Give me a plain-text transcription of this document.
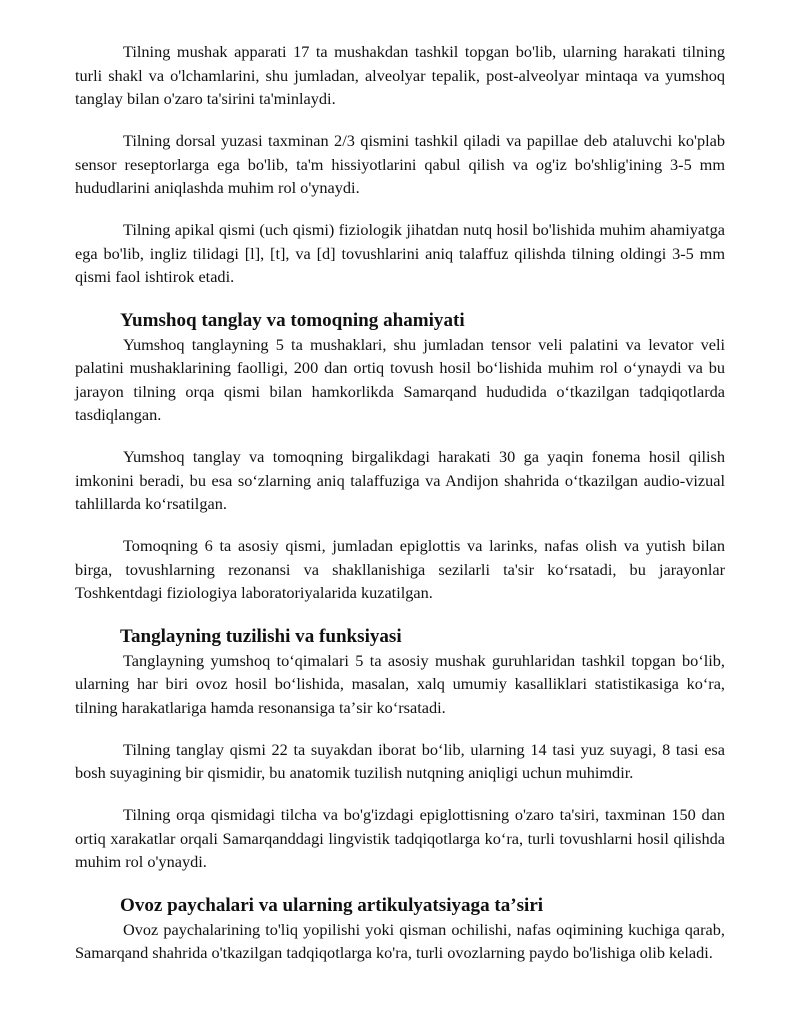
Tilning mushak apparati 17 ta mushakdan tashkil topgan bo'lib, ularning harakati tilning turli shakl va o'lchamlarini, shu jumladan, alveolyar tepalik, post-alveolyar mintaqa va yumshoq tanglay bilan o'zaro ta'sirini ta'minlaydi.

Tilning dorsal yuzasi taxminan 2/3 qismini tashkil qiladi va papillae deb ataluvchi ko'plab sensor reseptorlarga ega bo'lib, ta'm hissiyotlarini qabul qilish va og'iz bo'shlig'ining 3-5 mm hududlarini aniqlashda muhim rol o'ynaydi.

Tilning apikal qismi (uch qismi) fiziologik jihatdan nutq hosil bo'lishida muhim ahamiyatga ega bo'lib, ingliz tilidagi [l], [t], va [d] tovushlarini aniq talaffuz qilishda tilning oldingi 3-5 mm qismi faol ishtirok etadi.

Yumshoq tanglay va tomoqning ahamiyati

Yumshoq tanglayning 5 ta mushaklari, shu jumladan tensor veli palatini va levator veli palatini mushaklarining faolligi, 200 dan ortiq tovush hosil boʻlishida muhim rol oʻynaydi va bu jarayon tilning orqa qismi bilan hamkorlikda Samarqand hududida oʻtkazilgan tadqiqotlarda tasdiqlangan.

Yumshoq tanglay va tomoqning birgalikdagi harakati 30 ga yaqin fonema hosil qilish imkonini beradi, bu esa soʻzlarning aniq talaffuziga va Andijon shahrida oʻtkazilgan audio-vizual tahlillarda koʻrsatilgan.

Tomoqning 6 ta asosiy qismi, jumladan epiglottis va larinks, nafas olish va yutish bilan birga, tovushlarning rezonansi va shakllanishiga sezilarli ta'sir koʻrsatadi, bu jarayonlar Toshkentdagi fiziologiya laboratoriyalarida kuzatilgan.

Tanglayning tuzilishi va funksiyasi

Tanglayning yumshoq toʻqimalari 5 ta asosiy mushak guruhlaridan tashkil topgan boʻlib, ularning har biri ovoz hosil boʻlishida, masalan, xalq umumiy kasalliklari statistikasiga koʻra, tilning harakatlariga hamda resonansiga taʼsir koʻrsatadi.

Tilning tanglay qismi 22 ta suyakdan iborat boʻlib, ularning 14 tasi yuz suyagi, 8 tasi esa bosh suyagining bir qismidir, bu anatomik tuzilish nutqning aniqligi uchun muhimdir.

Tilning orqa qismidagi tilcha va bo'g'izdagi epiglottisning o'zaro ta'siri, taxminan 150 dan ortiq xarakatlar orqali Samarqanddagi lingvistik tadqiqotlarga koʻra, turli tovushlarni hosil qilishda muhim rol o'ynaydi.

Ovoz paychalari va ularning artikulyatsiyaga taʼsiri

Ovoz paychalarining to'liq yopilishi yoki qisman ochilishi, nafas oqimining kuchiga qarab, Samarqand shahrida o'tkazilgan tadqiqotlarga ko'ra, turli ovozlarning paydo bo'lishiga olib keladi.
